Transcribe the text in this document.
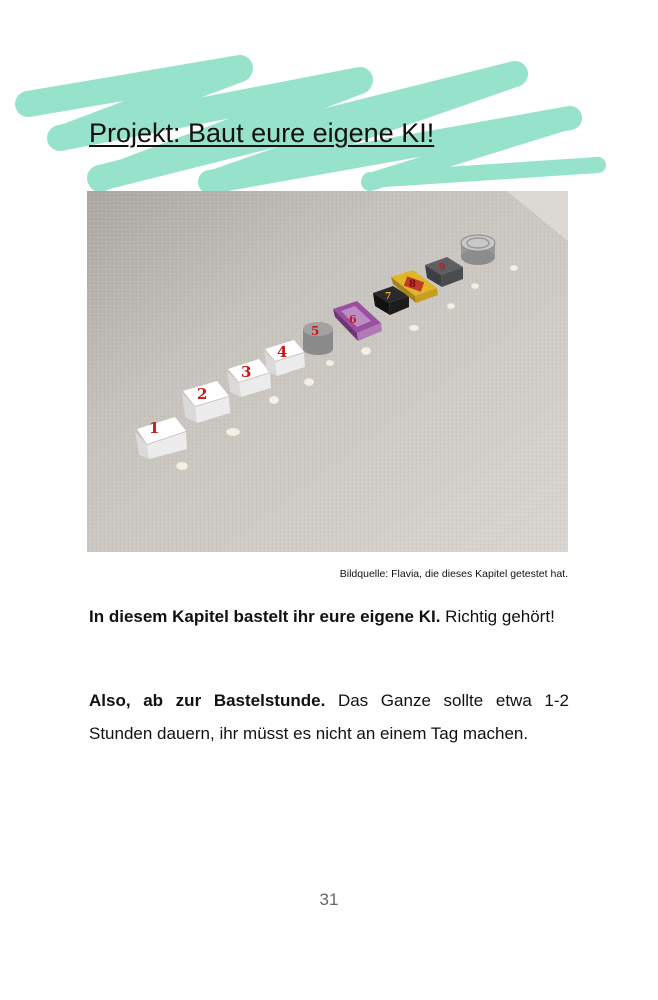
Projekt: Baut eure eigene KI!
1
2
3
4
5
6
7
8
9

Bildquelle: Flavia, die dieses Kapitel getestet hat.

In diesem Kapitel bastelt ihr eure eigene KI. Richtig gehört!

Also, ab zur Bastelstunde. Das Ganze sollte etwa 1-2 Stunden dauern, ihr müsst es nicht an einem Tag machen.

31
